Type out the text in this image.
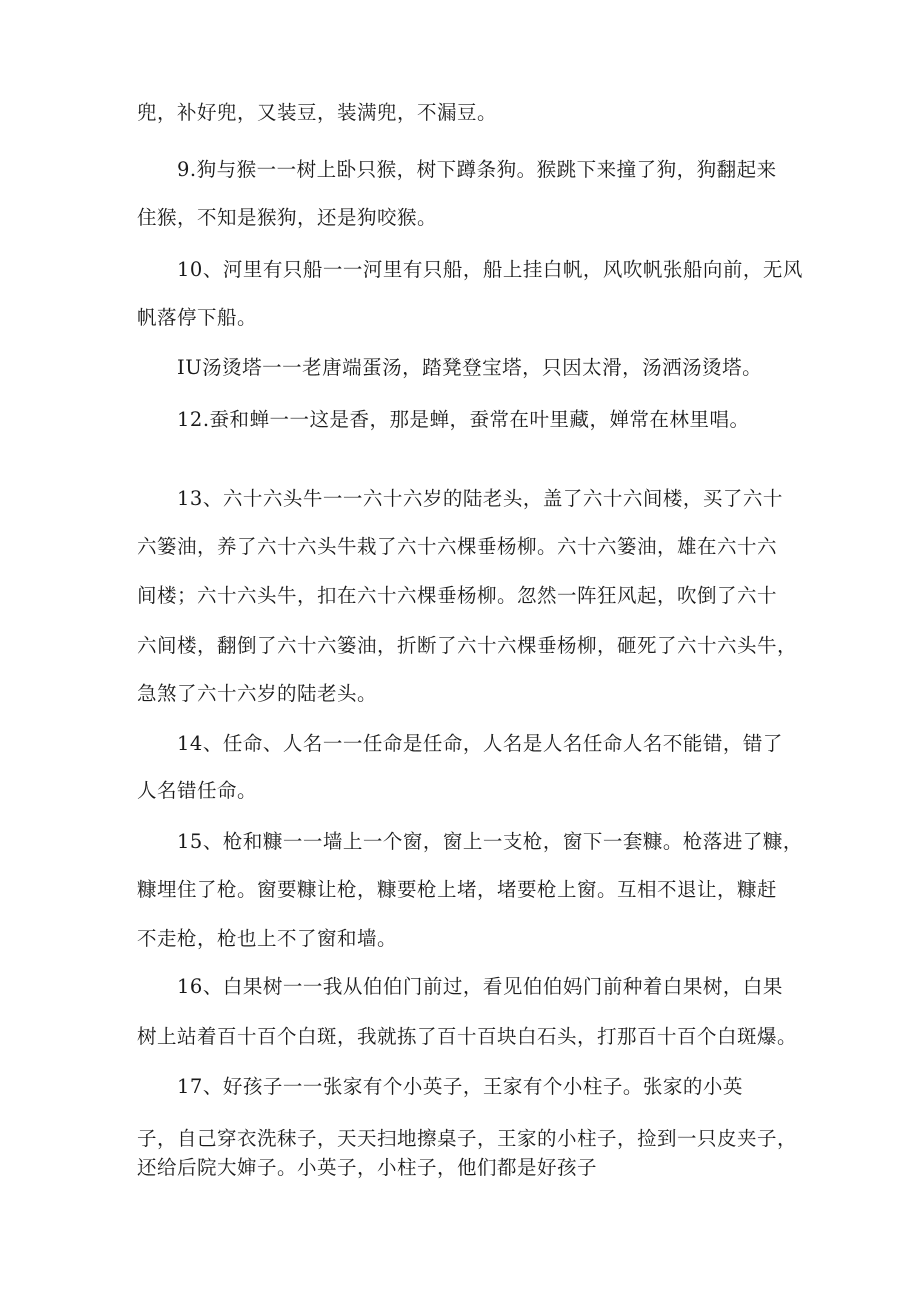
兜，补好兜，又装豆，装满兜，不漏豆。
9.狗与猴一一树上卧只猴，树下蹲条狗。猴跳下来撞了狗，狗翻起来
住猴，不知是猴狗，还是狗咬猴。
10、河里有只船一一河里有只船，船上挂白帆，风吹帆张船向前，无风
帆落停下船。
IU汤烫塔一一老唐端蛋汤，踏凳登宝塔，只因太滑，汤洒汤烫塔。
12.蚕和蝉一一这是香，那是蝉，蚕常在叶里藏，婵常在林里唱。
13、六十六头牛一一六十六岁的陆老头，盖了六十六间楼，买了六十
六篓油，养了六十六头牛栽了六十六棵垂杨柳。六十六篓油，雄在六十六
间楼；六十六头牛，扣在六十六棵垂杨柳。忽然一阵狂风起，吹倒了六十
六间楼，翻倒了六十六篓油，折断了六十六棵垂杨柳，砸死了六十六头牛，
急煞了六十六岁的陆老头。
14、任命、人名一一任命是任命，人名是人名任命人名不能错，错了
人名错任命。
15、枪和糠一一墙上一个窗，窗上一支枪，窗下一套糠。枪落进了糠，
糠埋住了枪。窗要糠让枪，糠要枪上堵，堵要枪上窗。互相不退让，糠赶
不走枪，枪也上不了窗和墙。
16、白果树一一我从伯伯门前过，看见伯伯妈门前种着白果树，白果
树上站着百十百个白斑，我就拣了百十百块白石头，打那百十百个白斑爆。
17、好孩子一一张家有个小英子，王家有个小柱子。张家的小英
子，自己穿衣洗秣子，天天扫地擦桌子，王家的小柱子，捡到一只皮夹子，
还给后院大婶子。小英子，小柱子，他们都是好孩子
